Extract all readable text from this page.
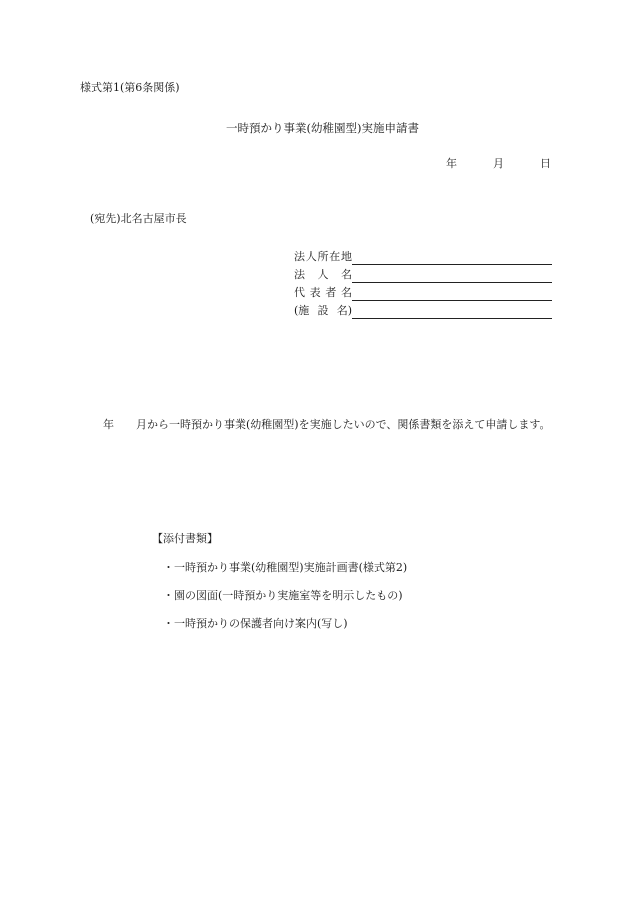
様式第1(第6条関係)
一時預かり事業(幼稚園型)実施申請書
年	月	日
(宛先)北名古屋市長
法 人 所 在 地
法 人 名
代 表 者 名
(施 設 名)
年 月から一時預かり事業(幼稚園型)を実施したいので、関係書類を添えて申請します。
【添付書類】
・一時預かり事業(幼稚園型)実施計画書(様式第2)
・園の図面(一時預かり実施室等を明示したもの)
・一時預かりの保護者向け案内(写し)
